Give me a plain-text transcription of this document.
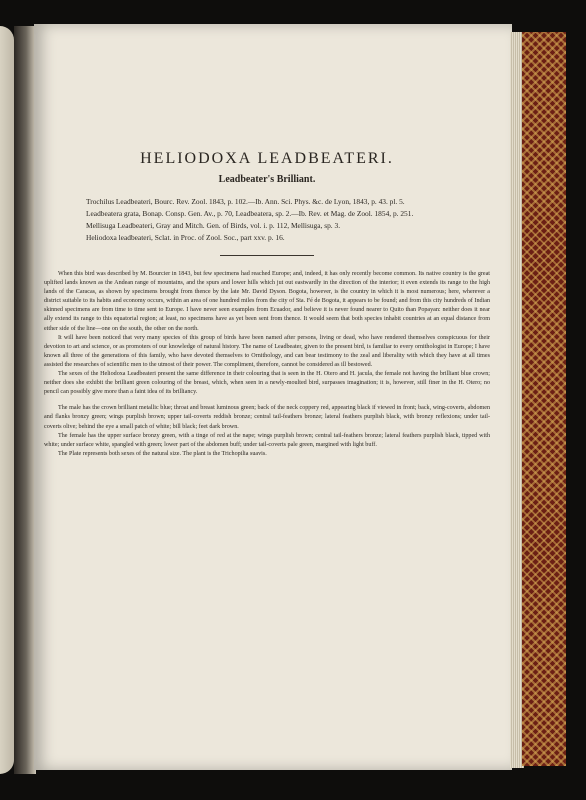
HELIODOXA LEADBEATERI.
Leadbeater's Brilliant.

Trochilus Leadbeateri, Bourc. Rev. Zool. 1843, p. 102.—Ib. Ann. Sci. Phys. &c. de Lyon, 1843, p. 43. pl. 5.

Leadbeatera grata, Bonap. Consp. Gen. Av., p. 70, Leadbeatera, sp. 2.—Ib. Rev. et Mag. de Zool. 1854, p. 251.

Mellisuga Leadbeateri, Gray and Mitch. Gen. of Birds, vol. i. p. 112, Mellisuga, sp. 3.

Heliodoxa leadbeateri, Sclat. in Proc. of Zool. Soc., part xxv. p. 16.

When this bird was described by M. Bourcier in 1843, but few specimens had reached Europe; and, indeed, it has only recently become common. Its native country is the great uplifted lands known as the Andean range of mountains, and the spurs and lower hills which jut out eastwardly in the direction of the interior; it even extends its range to the high lands of the Caracas, as shown by specimens brought from thence by the late Mr. David Dyson. Bogota, however, is the country in which it is most numerous; here, wherever a district suitable to its habits and economy occurs, within an area of one hundred miles from the city of Sta. Fé de Bogota, it appears to be found; and from this city hundreds of Indian skinned specimens are from time to time sent to Europe. I have never seen examples from Ecuador, and believe it is never found nearer to Quito than Popayan: neither does it near ally extend its range to this equatorial region; at least, no specimens have as yet been sent from thence. It would seem that both species inhabit countries at an equal distance from either side of the line—one on the south, the other on the north.

It will have been noticed that very many species of this group of birds have been named after persons, living or dead, who have rendered themselves conspicuous for their devotion to art and science, or as promoters of our knowledge of natural history. The name of Leadbeater, given to the present bird, is familiar to every ornithologist in Europe; I have known all three of the generations of this family, who have devoted themselves to Ornithology, and can bear testimony to the zeal and liberality with which they have at all times assisted the researches of scientific men to the utmost of their power. The compliment, therefore, cannot be considered as ill bestowed.

The sexes of the Heliodoxa Leadbeateri present the same difference in their colouring that is seen in the H. Otero and H. jacula, the female not having the brilliant blue crown; neither does she exhibit the brilliant green colouring of the breast, which, when seen in a newly-moulted bird, surpasses imagination; it is, however, still finer in the H. Otero; no pencil can possibly give more than a faint idea of its brilliancy.

The male has the crown brilliant metallic blue; throat and breast luminous green; back of the neck coppery red, appearing black if viewed in front; back, wing-coverts, abdomen and flanks bronzy green; wings purplish brown; upper tail-coverts reddish bronze; central tail-feathers bronze; lateral feathers purplish black, with bronzy reflexions; under tail-coverts olive; behind the eye a small patch of white; bill black; feet dark brown.

The female has the upper surface bronzy green, with a tinge of red at the nape; wings purplish brown; central tail-feathers bronze; lateral feathers purplish black, tipped with white; under surface white, spangled with green; lower part of the abdomen buff; under tail-coverts pale green, margined with light buff.

The Plate represents both sexes of the natural size. The plant is the Trichopilia suavis.
